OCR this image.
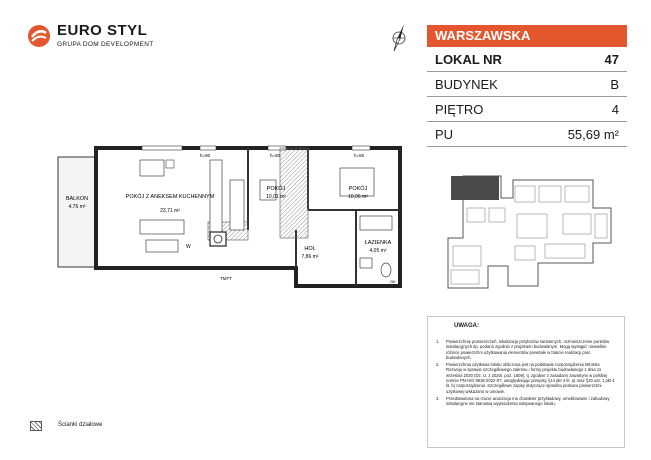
EURO STYL
GRUPA DOM DEVELOPMENT
WARSZAWSKA
LOKAL NR	47
BUDYNEK	B
PIĘTRO	4
PU	55,69 m²
BALKON
4,76 m²
POKÓJ Z ANEKSEM KUCHENNYM
23,71 m²
POKÓJ
10,01 m²
POKÓJ
10,06 m²
HOL
7,86 m²
ŁAZIENKA
4,05 m²
h=90	h=50	h=50
W
TMTT
GK
UWAGA:
1.	Powierzchnię pomieszczeń, lokalizację przyborów sanitarnych, rozmieszczenie punktów instalacyjnych itp. podano zgodnie z projektem budowlanym. Mogą wystąpić niewielkie różnice powierzchni użytkowania elementów powstałe w trakcie realizacji prac budowlanych.
2.	Powierzchnia użytkowa lokalu obliczona jest na podstawie rozporządzenia Ministra Rozwoju w sprawie szczegółowego zakresu i formy projektu budowlanego z dnia 11 września 2020 (Dz. U. z 2020r. poz. 1609), tj. zgodnie z zasadami zawartymi w polskiej normie PN-ISO 9836:2022-07, uwzględniając przepisy §14 pkt 4 lit. a) oraz §20 ust. 1 pkt 4 lit. b) rozporządzenia. Szczegółowe zapisy dotyczące sposobu pomiaru powierzchni użytkowej wskazano w umowie.
3.	Przedstawiona na rzucie aranżacja ma charakter przykładowy, umeblowanie i zabudowy instalacyjne nie stanowią wyposażenia nabywanego lokalu.
Ścianki działowe
